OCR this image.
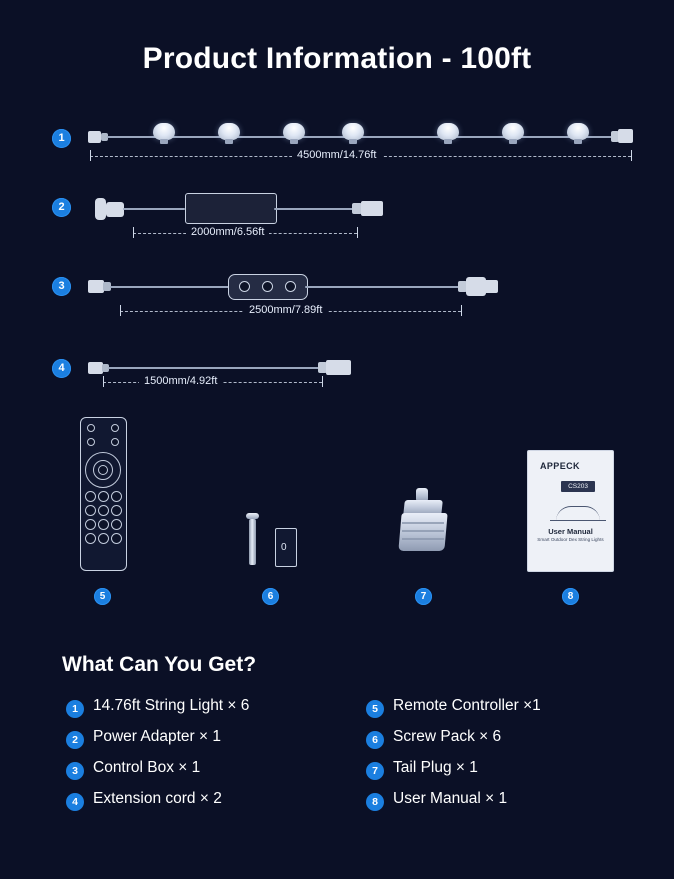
Product Information - 100ft
1
4500mm/14.76ft
2
2000mm/6.56ft
3
2500mm/7.89ft
4
1500mm/4.92ft
5
0
6	7
APPECK
CS203
User Manual
Smart Outdoor Dex String Lights
8
What Can You Get?
1 14.76ft String Light × 6
2 Power Adapter × 1
3 Control Box × 1
4 Extension cord × 2
5 Remote Controller ×1
6 Screw Pack × 6
7 Tail Plug × 1
8 User Manual × 1
